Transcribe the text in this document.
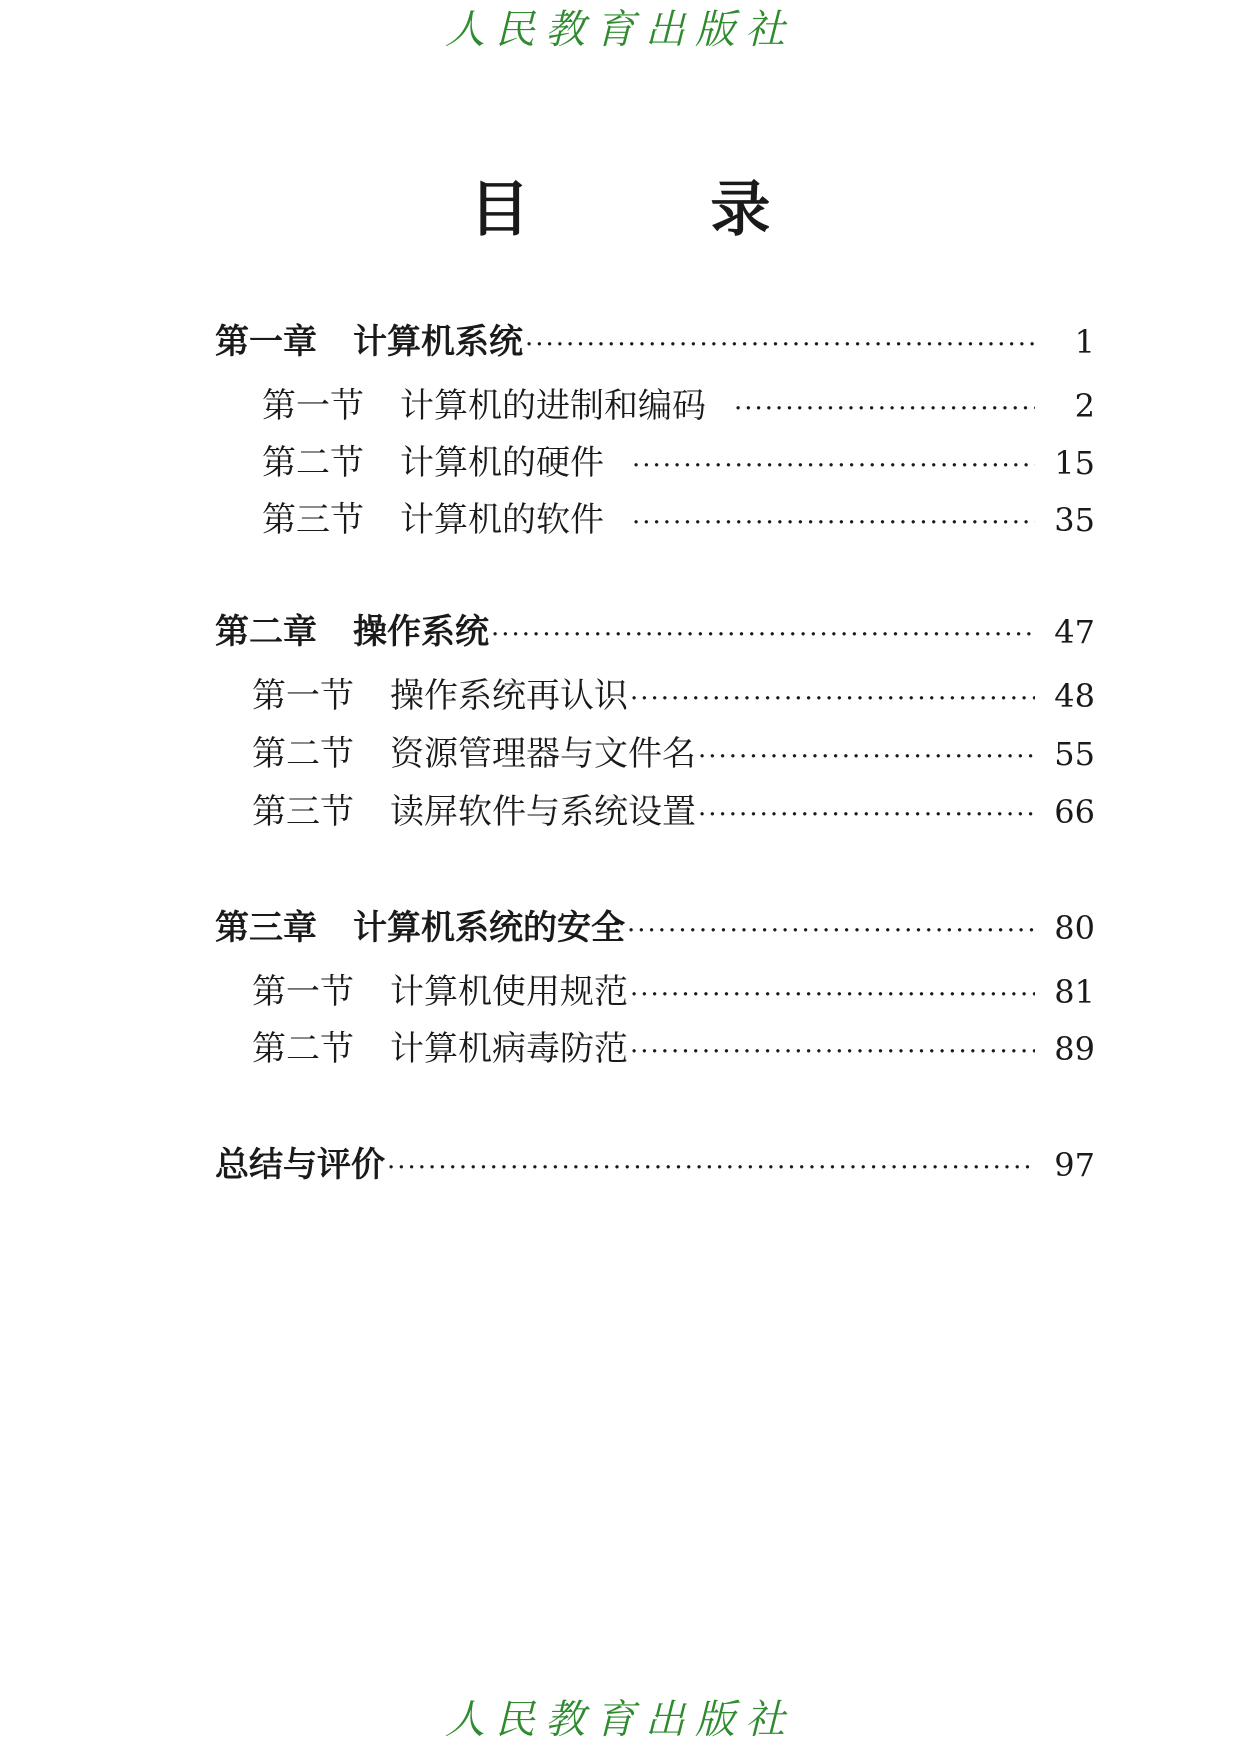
人民教育出版社
目 录
第一章 计算机系统 ·····	1
第一节 计算机的进制和编码 ·····	2
第二节 计算机的硬件 ·····	15
第三节 计算机的软件 ·····	35
第二章 操作系统 ·····	47
第一节 操作系统再认识 ·····	48
第二节 资源管理器与文件名 ·····	55
第三节 读屏软件与系统设置 ·····	66
第三章 计算机系统的安全 ·····	80
第一节 计算机使用规范 ·····	81
第二节 计算机病毒防范 ·····	89
总结与评价 ·····	97
人民教育出版社
